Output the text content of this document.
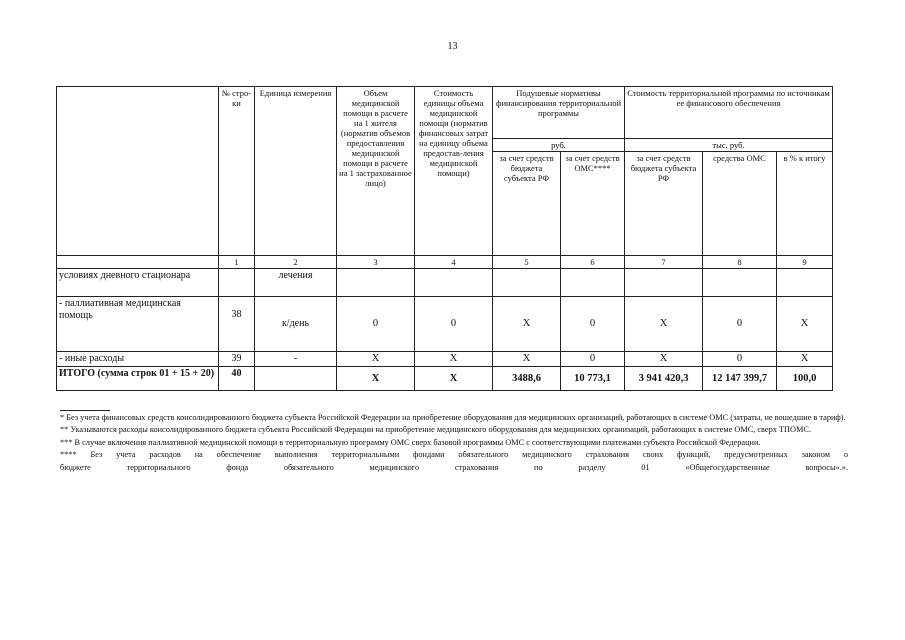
13
	№ стро-ки	Единица измерения	Объем медицинской помощи в расчете на 1 жителя (норматив объемов предоставления медицинской помощи в расчете на 1 застрахованное лицо)	Стоимость единицы объема медицинской помощи (норматив финансовых затрат на единицу объема предостав-ления медицинской помощи)	Подушевые нормативы финансирования территориальной программы		Стоимость территориальной программы по источникам ее финансового обеспечения		
					руб.		тыс. руб.		
					за счет средств бюджета субъекта РФ	за счет средств ОМС****	за счет средств бюджета субъекта РФ	средства ОМС	в % к итогу
	1	2	3	4	5	6	7	8	9
условиях дневного стационара		лечения							
- паллиативная медицинская помощь	38	к/день	0	0	Х	0	Х	0	Х
- иные расходы	39	-	Х	Х	Х	0	Х	0	Х
ИТОГО (сумма строк 01 + 15 + 20)	40		Х	Х	3488,6	10 773,1	3 941 420,3	12 147 399,7	100,0

* Без учета финансовых средств консолидированного бюджета субъекта Российской Федерации на приобретение оборудования для медицинских организаций, работающих в системе ОМС (затраты, не вошедшие в тариф).

** Указываются расходы консолидированного бюджета субъекта Российской Федерации на приобретение медицинского оборудования для медицинских организаций, работающих в системе ОМС, сверх ТПОМС.

*** В случае включения паллиативной медицинской помощи в территориальную программу ОМС сверх базовой программы ОМС с соответствующими платежами субъекта Российской Федерации.

**** Без учета расходов на обеспечение выполнения территориальными фондами обязательного медицинского страхования своих функций, предусмотренных законом о

бюджете территориального фонда обязательного медицинского страхования по разделу 01 «Общегосударственные вопросы».».
